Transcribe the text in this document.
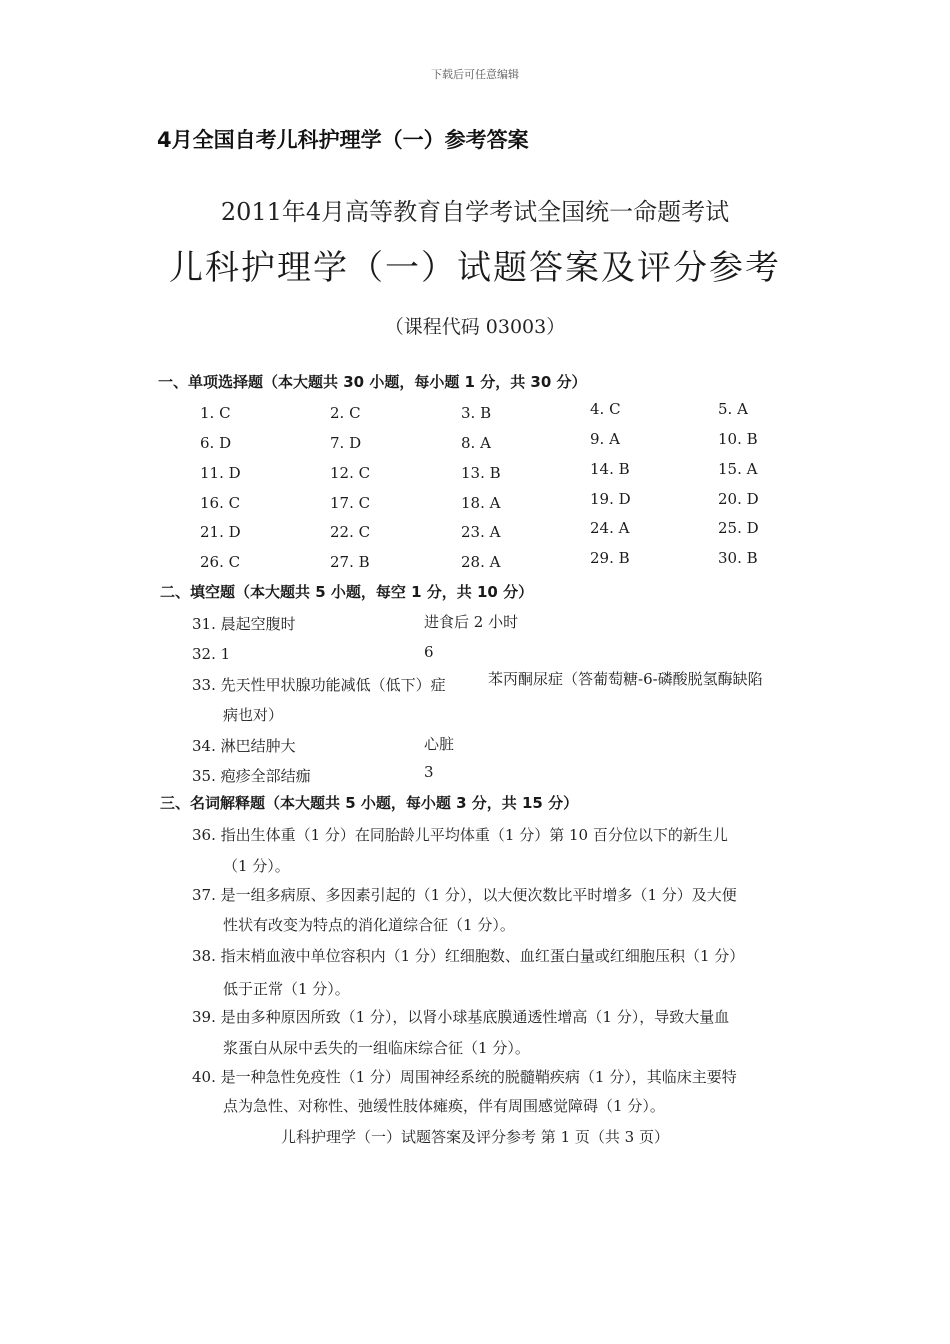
下载后可任意编辑
4月全国自考儿科护理学（一）参考答案
2011年4月高等教育自学考试全国统一命题考试
儿科护理学（一）试题答案及评分参考
（课程代码 03003）
一、单项选择题（本大题共 30 小题，每小题 1 分，共 30 分）
1. C	2. C	3. B	4. C	5. A
6. D	7. D	8. A	9. A	10. B
11. D	12. C	13. B	14. B	15. A
16. C	17. C	18. A	19. D	20. D
21. D	22. C	23. A	24. A	25. D
26. C	27. B	28. A	29. B	30. B
二、填空题（本大题共 5 小题，每空 1 分，共 10 分）
31. 晨起空腹时	进食后 2 小时
32. 1	6
33. 先天性甲状腺功能减低（低下）症	苯丙酮尿症（答葡萄糖-6-磷酸脱氢酶缺陷
病也对）
34. 淋巴结肿大	心脏
35. 疱疹全部结痂	3
三、名词解释题（本大题共 5 小题，每小题 3 分，共 15 分）
36. 指出生体重（1 分）在同胎龄儿平均体重（1 分）第 10 百分位以下的新生儿
（1 分）。
37. 是一组多病原、多因素引起的（1 分），以大便次数比平时增多（1 分）及大便
性状有改变为特点的消化道综合征（1 分）。
38. 指末梢血液中单位容积内（1 分）红细胞数、血红蛋白量或红细胞压积（1 分）
低于正常（1 分）。
39. 是由多种原因所致（1 分），以肾小球基底膜通透性增高（1 分），导致大量血
浆蛋白从尿中丢失的一组临床综合征（1 分）。
40. 是一种急性免疫性（1 分）周围神经系统的脱髓鞘疾病（1 分），其临床主要特
点为急性、对称性、弛缓性肢体瘫痪，伴有周围感觉障碍（1 分）。
儿科护理学（一）试题答案及评分参考 第 1 页（共 3 页）
